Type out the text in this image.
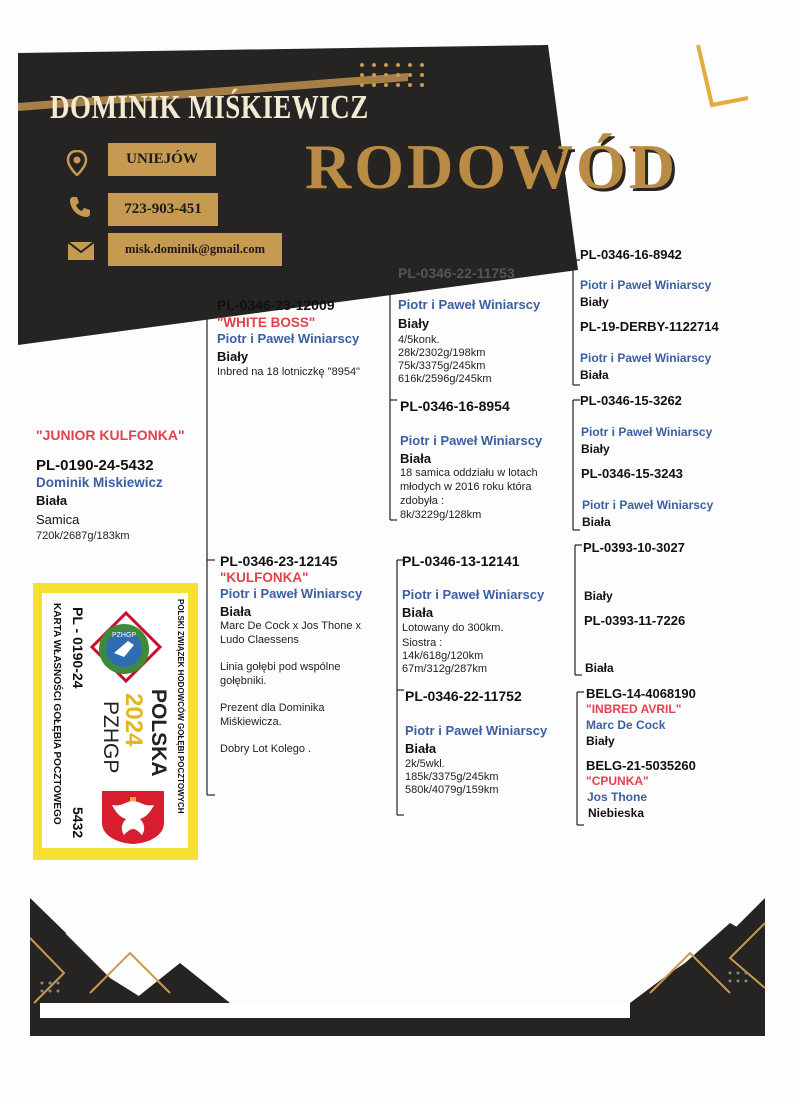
DOMINIK MIŚKIEWICZ
UNIEJÓW
723-903-451
misk.dominik@gmail.com
RODOWÓD
"JUNIOR KULFONKA"
PL-0190-24-5432
Dominik Miskiewicz
Biała
Samica
720k/2687g/183km
PL-0346-23-12009
"WHITE BOSS"
Piotr i Paweł Winiarscy
Biały
Inbred na 18 lotniczkę "8954"
PL-0346-23-12145
"KULFONKA"
Piotr i Paweł Winiarscy
Biała
Marc De Cock x Jos Thone x
Ludo Claessens
Linia gołębi pod wspólne
gołębniki.
Prezent dla Dominika
Miśkiewicza.
Dobry Lot Kolego .
PL-0346-22-11753
Piotr i Paweł Winiarscy
Biały
4/5konk.
28k/2302g/198km
75k/3375g/245km
616k/2596g/245km
PL-0346-16-8954
Piotr i Paweł Winiarscy
Biała
18 samica oddziału w lotach
młodych w 2016 roku która
zdobyła :
8k/3229g/128km
PL-0346-13-12141
Piotr i Paweł Winiarscy
Biała
Lotowany do 300km.
Siostra :
14k/618g/120km
67m/312g/287km
PL-0346-22-11752
Piotr i Paweł Winiarscy
Biała
2k/5wkl.
185k/3375g/245km
580k/4079g/159km
PL-0346-16-8942
Piotr i Paweł Winiarscy
Biały
PL-19-DERBY-1122714
Piotr i Paweł Winiarscy
Biała
PL-0346-15-3262
Piotr i Paweł Winiarscy
Biały
PL-0346-15-3243
Piotr i Paweł Winiarscy
Biała
PL-0393-10-3027
Biały
PL-0393-11-7226
Biała
BELG-14-4068190
"INBRED AVRIL"
Marc De Cock
Biały
BELG-21-5035260
"CPUNKA"
Jos Thone
Niebieska
POLSKI ZWIĄZEK HODOWCÓW GOŁĘBI POCZTOWYCH
POLSKA
2024
PZHGP
PL - 0190-24
5432
KARTA WŁASNOŚCI GOŁĘBIA POCZTOWEGO	PZHGP
